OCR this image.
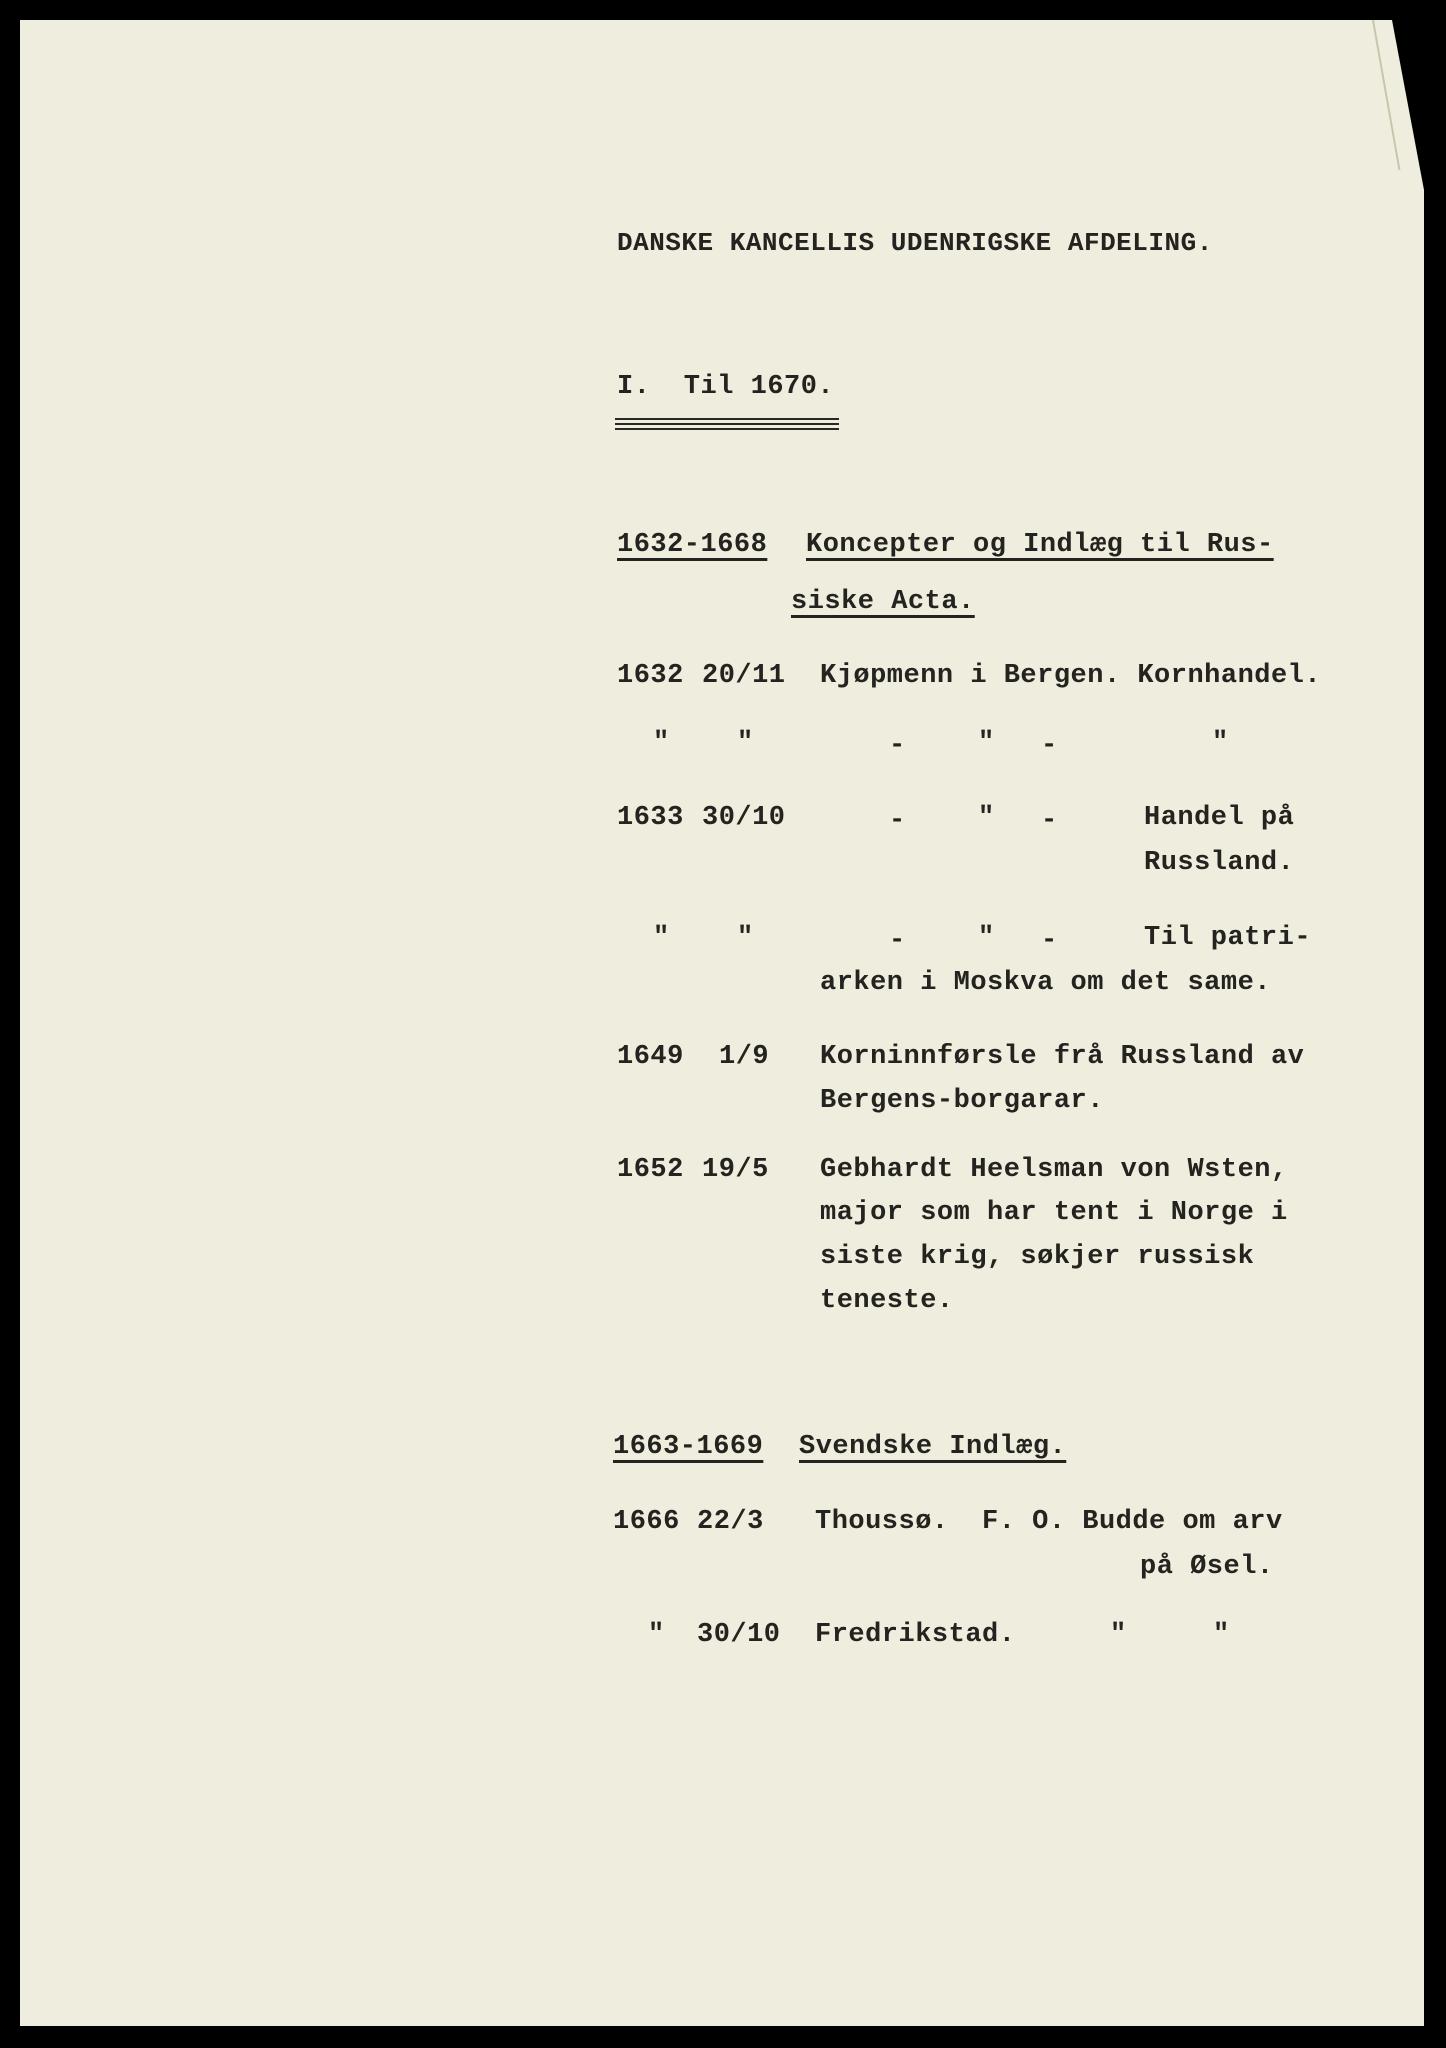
DANSKE KANCELLIS UDENRIGSKE AFDELING.
I.  Til 1670.
1632-1668 Koncepter og Indlæg til Rus-
siske Acta.
1632 20/11 Kjøpmenn i Bergen. Kornhandel.
" "	-	" -	"
1633 30/10	-	" -	Handel på
Russland.
" "	-	" -	Til patri-
arken i Moskva om det same.
1649 1/9 Korninnførsle frå Russland av
Bergens-borgarar.
1652 19/5 Gebhardt Heelsman von Wsten,
major som har tent i Norge i
siste krig, søkjer russisk
teneste.
1663-1669 Svendske Indlæg.
1666 22/3 Thoussø.  F. O. Budde om arv
på Øsel.
" 30/10 Fredrikstad.	"	"
